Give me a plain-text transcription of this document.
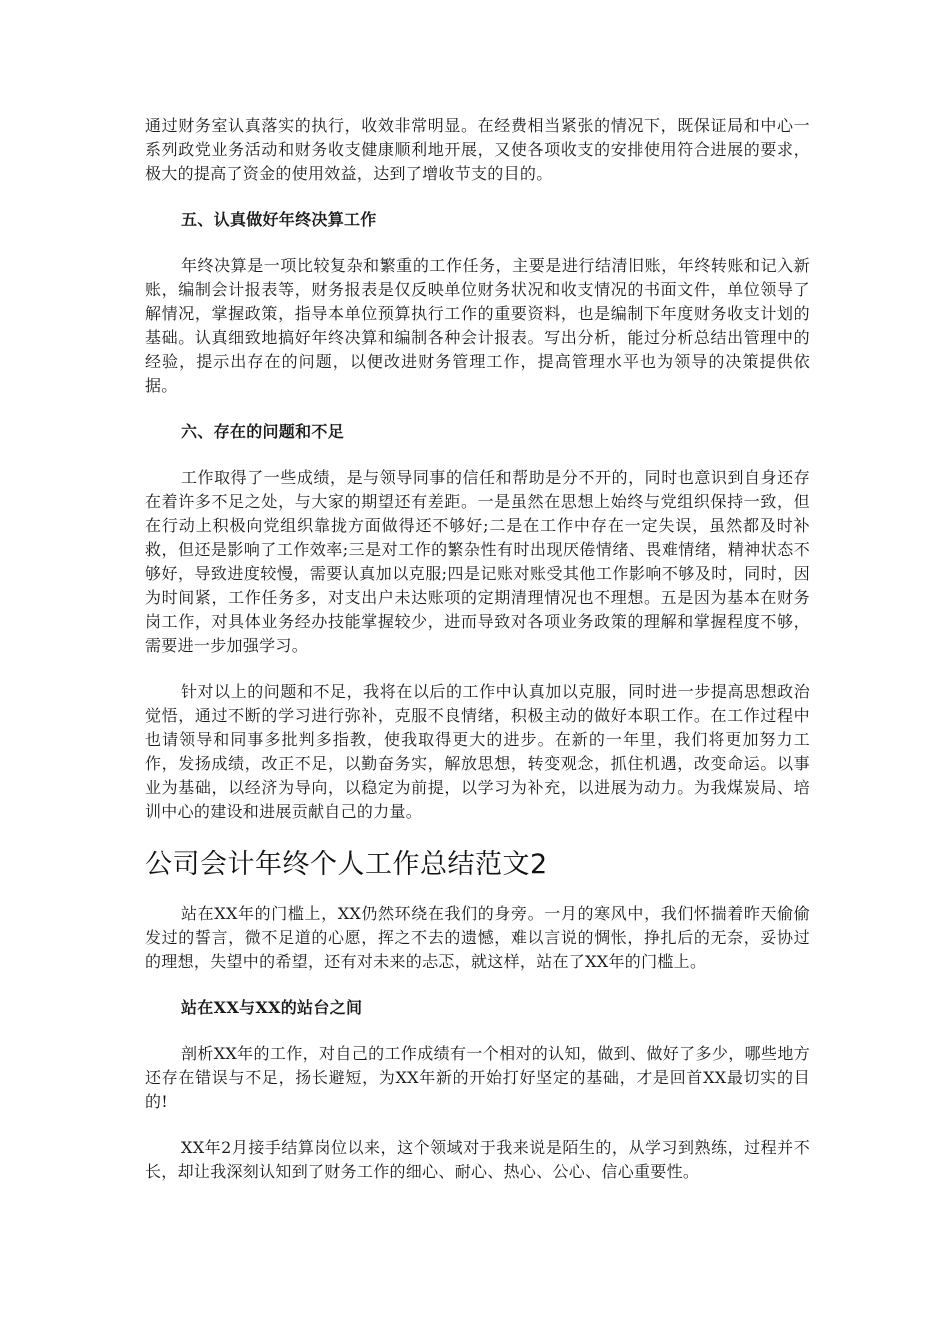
通过财务室认真落实的执行，收效非常明显。在经费相当紧张的情况下，既保证局和中心一系列政党业务活动和财务收支健康顺利地开展，又使各项收支的安排使用符合进展的要求，极大的提高了资金的使用效益，达到了增收节支的目的。

五、认真做好年终决算工作

年终决算是一项比较复杂和繁重的工作任务，主要是进行结清旧账，年终转账和记入新账，编制会计报表等，财务报表是仅反映单位财务状况和收支情况的书面文件，单位领导了解情况，掌握政策，指导本单位预算执行工作的重要资料，也是编制下年度财务收支计划的基础。认真细致地搞好年终决算和编制各种会计报表。写出分析，能过分析总结出管理中的经验，提示出存在的问题，以便改进财务管理工作，提高管理水平也为领导的决策提供依据。

六、存在的问题和不足

工作取得了一些成绩，是与领导同事的信任和帮助是分不开的，同时也意识到自身还存在着许多不足之处，与大家的期望还有差距。一是虽然在思想上始终与党组织保持一致，但在行动上积极向党组织靠拢方面做得还不够好;二是在工作中存在一定失误，虽然都及时补救，但还是影响了工作效率;三是对工作的繁杂性有时出现厌倦情绪、畏难情绪，精神状态不够好，导致进度较慢，需要认真加以克服;四是记账对账受其他工作影响不够及时，同时，因为时间紧，工作任务多，对支出户未达账项的定期清理情况也不理想。五是因为基本在财务岗工作，对具体业务经办技能掌握较少，进而导致对各项业务政策的理解和掌握程度不够，需要进一步加强学习。

针对以上的问题和不足，我将在以后的工作中认真加以克服，同时进一步提高思想政治觉悟，通过不断的学习进行弥补，克服不良情绪，积极主动的做好本职工作。在工作过程中也请领导和同事多批判多指教，使我取得更大的进步。在新的一年里，我们将更加努力工作，发扬成绩，改正不足，以勤奋务实，解放思想，转变观念，抓住机遇，改变命运。以事业为基础，以经济为导向，以稳定为前提，以学习为补充，以进展为动力。为我煤炭局、培训中心的建设和进展贡献自己的力量。

公司会计年终个人工作总结范文2

站在XX年的门槛上，XX仍然环绕在我们的身旁。一月的寒风中，我们怀揣着昨天偷偷发过的誓言，微不足道的心愿，挥之不去的遗憾，难以言说的惆怅，挣扎后的无奈，妥协过的理想，失望中的希望，还有对未来的忐忑，就这样，站在了XX年的门槛上。

站在XX与XX的站台之间

剖析XX年的工作，对自己的工作成绩有一个相对的认知，做到、做好了多少，哪些地方还存在错误与不足，扬长避短，为XX年新的开始打好坚定的基础，才是回首XX最切实的目的!

XX年2月接手结算岗位以来，这个领域对于我来说是陌生的，从学习到熟练，过程并不长，却让我深刻认知到了财务工作的细心、耐心、热心、公心、信心重要性。
